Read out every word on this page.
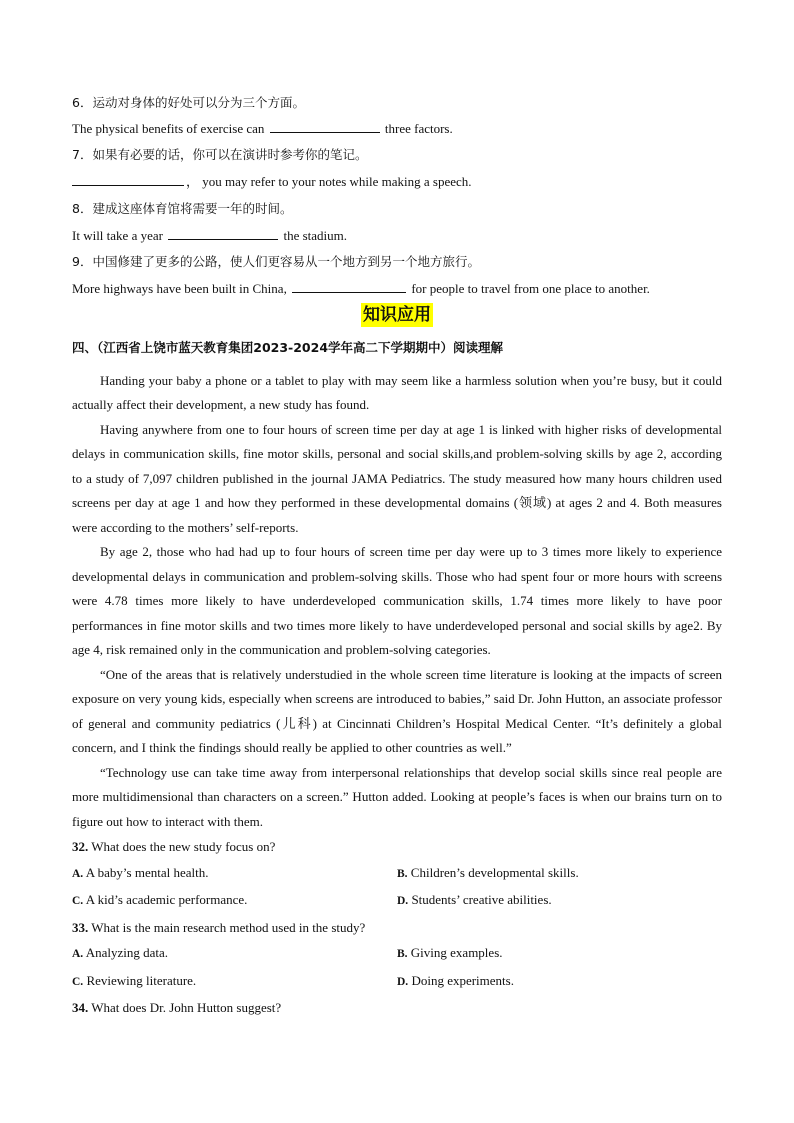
6．运动对身体的好处可以分为三个方面。

The physical benefits of exercise can	three factors.

7．如果有必要的话，你可以在演讲时参考你的笔记。

， you may refer to your notes while making a speech.

8．建成这座体育馆将需要一年的时间。

It will take a year	the stadium.

9．中国修建了更多的公路，使人们更容易从一个地方到另一个地方旅行。

More highways have been built in China,	for people to travel from one place to another.

知识应用

四、（江西省上饶市蓝天教育集团2023-2024学年高二下学期期中）阅读理解

Handing your baby a phone or a tablet to play with may seem like a harmless solution when you’re busy, but it could actually affect their development, a new study has found.

Having anywhere from one to four hours of screen time per day at age 1 is linked with higher risks of developmental delays in communication skills, fine motor skills, personal and social skills,and problem-solving skills by age 2, according to a study of 7,097 children published in the journal JAMA Pediatrics. The study measured how many hours children used screens per day at age 1 and how they performed in these developmental domains (领域) at ages 2 and 4. Both measures were according to the mothers’ self-reports.

By age 2, those who had had up to four hours of screen time per day were up to 3 times more likely to experience developmental delays in communication and problem-solving skills. Those who had spent four or more hours with screens were 4.78 times more likely to have underdeveloped communication skills, 1.74 times more likely to have poor performances in fine motor skills and two times more likely to have underdeveloped personal and social skills by age2. By age 4, risk remained only in the communication and problem-solving categories.

“One of the areas that is relatively understudied in the whole screen time literature is looking at the impacts of screen exposure on very young kids, especially when screens are introduced to babies,” said Dr. John Hutton, an associate professor of general and community pediatrics (儿科) at Cincinnati Children’s Hospital Medical Center. “It’s definitely a global concern, and I think the findings should really be applied to other countries as well.”

“Technology use can take time away from interpersonal relationships that develop social skills since real people are more multidimensional than characters on a screen.” Hutton added. Looking at people’s faces is when our brains turn on to figure out how to interact with them.

32. What does the new study focus on?

A. A baby’s mental health.	B. Children’s developmental skills.
C. A kid’s academic performance.	D. Students’ creative abilities.

33. What is the main research method used in the study?

A. Analyzing data.	B. Giving examples.
C. Reviewing literature.	D. Doing experiments.

34. What does Dr. John Hutton suggest?
